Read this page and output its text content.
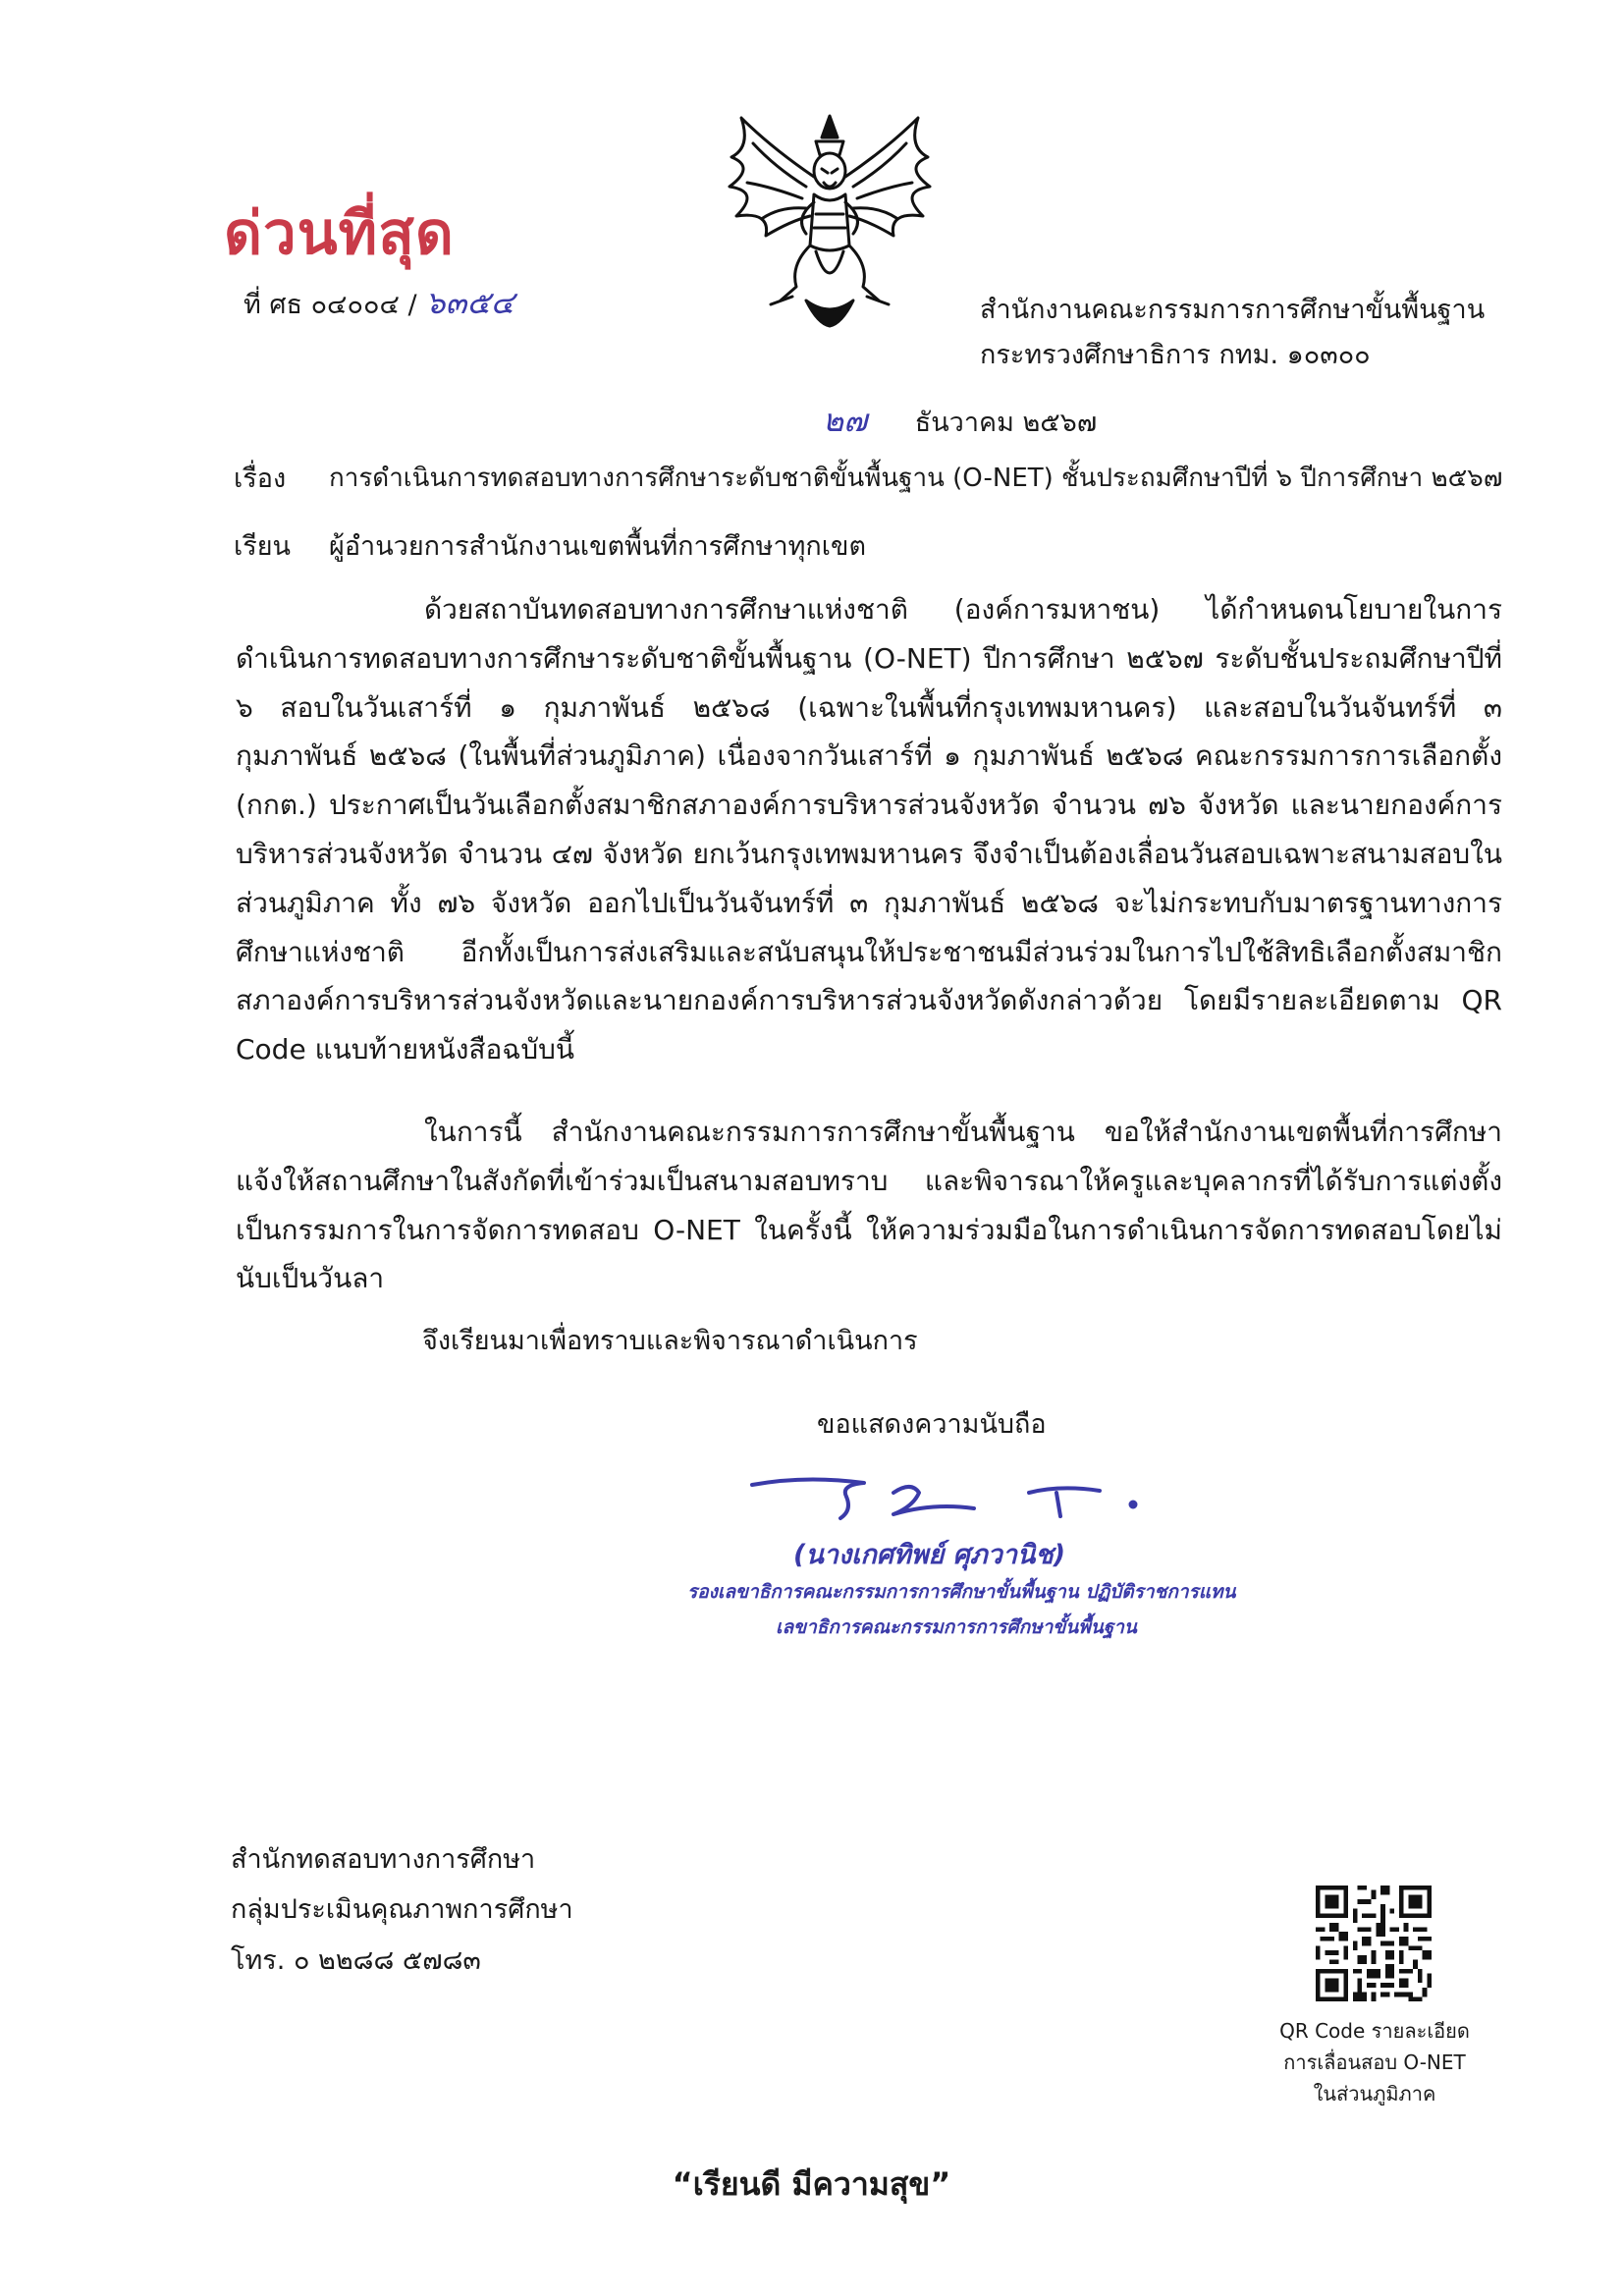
ด่วนที่สุด
ที่ ศธ ๐๔๐๐๔ / ๖๓๕๔	สำนักงานคณะกรรมการการศึกษาขั้นพื้นฐาน
กระทรวงศึกษาธิการ กทม. ๑๐๓๐๐
๒๗ ธันวาคม ๒๕๖๗
เรื่อง การดำเนินการทดสอบทางการศึกษาระดับชาติขั้นพื้นฐาน (O-NET) ชั้นประถมศึกษาปีที่ ๖ ปีการศึกษา ๒๕๖๗
เรียน ผู้อำนวยการสำนักงานเขตพื้นที่การศึกษาทุกเขต
ด้วยสถาบันทดสอบทางการศึกษาแห่งชาติ (องค์การมหาชน) ได้กำหนดนโยบายในการดำเนินการทดสอบทางการศึกษาระดับชาติขั้นพื้นฐาน (O-NET) ปีการศึกษา ๒๕๖๗ ระดับชั้นประถมศึกษาปีที่ ๖ สอบในวันเสาร์ที่ ๑ กุมภาพันธ์ ๒๕๖๘ (เฉพาะในพื้นที่กรุงเทพมหานคร) และสอบในวันจันทร์ที่ ๓ กุมภาพันธ์ ๒๕๖๘ (ในพื้นที่ส่วนภูมิภาค) เนื่องจากวันเสาร์ที่ ๑ กุมภาพันธ์ ๒๕๖๘ คณะกรรมการการเลือกตั้ง (กกต.) ประกาศเป็นวันเลือกตั้งสมาชิกสภาองค์การบริหารส่วนจังหวัด จำนวน ๗๖ จังหวัด และนายกองค์การบริหารส่วนจังหวัด จำนวน ๔๗ จังหวัด ยกเว้นกรุงเทพมหานคร จึงจำเป็นต้องเลื่อนวันสอบเฉพาะสนามสอบในส่วนภูมิภาค ทั้ง ๗๖ จังหวัด ออกไปเป็นวันจันทร์ที่ ๓ กุมภาพันธ์ ๒๕๖๘ จะไม่กระทบกับมาตรฐานทางการศึกษาแห่งชาติ อีกทั้งเป็นการส่งเสริมและสนับสนุนให้ประชาชนมีส่วนร่วมในการไปใช้สิทธิเลือกตั้งสมาชิกสภาองค์การบริหารส่วนจังหวัดและนายกองค์การบริหารส่วนจังหวัดดังกล่าวด้วย โดยมีรายละเอียดตาม QR Code แนบท้ายหนังสือฉบับนี้
ในการนี้ สำนักงานคณะกรรมการการศึกษาขั้นพื้นฐาน ขอให้สำนักงานเขตพื้นที่การศึกษาแจ้งให้สถานศึกษาในสังกัดที่เข้าร่วมเป็นสนามสอบทราบ และพิจารณาให้ครูและบุคลากรที่ได้รับการแต่งตั้งเป็นกรรมการในการจัดการทดสอบ O-NET ในครั้งนี้ ให้ความร่วมมือในการดำเนินการจัดการทดสอบโดยไม่นับเป็นวันลา
จึงเรียนมาเพื่อทราบและพิจารณาดำเนินการ
ขอแสดงความนับถือ
(นางเกศทิพย์ ศุภวานิช)
รองเลขาธิการคณะกรรมการการศึกษาขั้นพื้นฐาน ปฏิบัติราชการแทน
เลขาธิการคณะกรรมการการศึกษาขั้นพื้นฐาน
สำนักทดสอบทางการศึกษา
กลุ่มประเมินคุณภาพการศึกษา
โทร. ๐ ๒๒๘๘ ๕๗๘๓
QR Code รายละเอียด
การเลื่อนสอบ O-NET
ในส่วนภูมิภาค
“เรียนดี มีความสุข”
